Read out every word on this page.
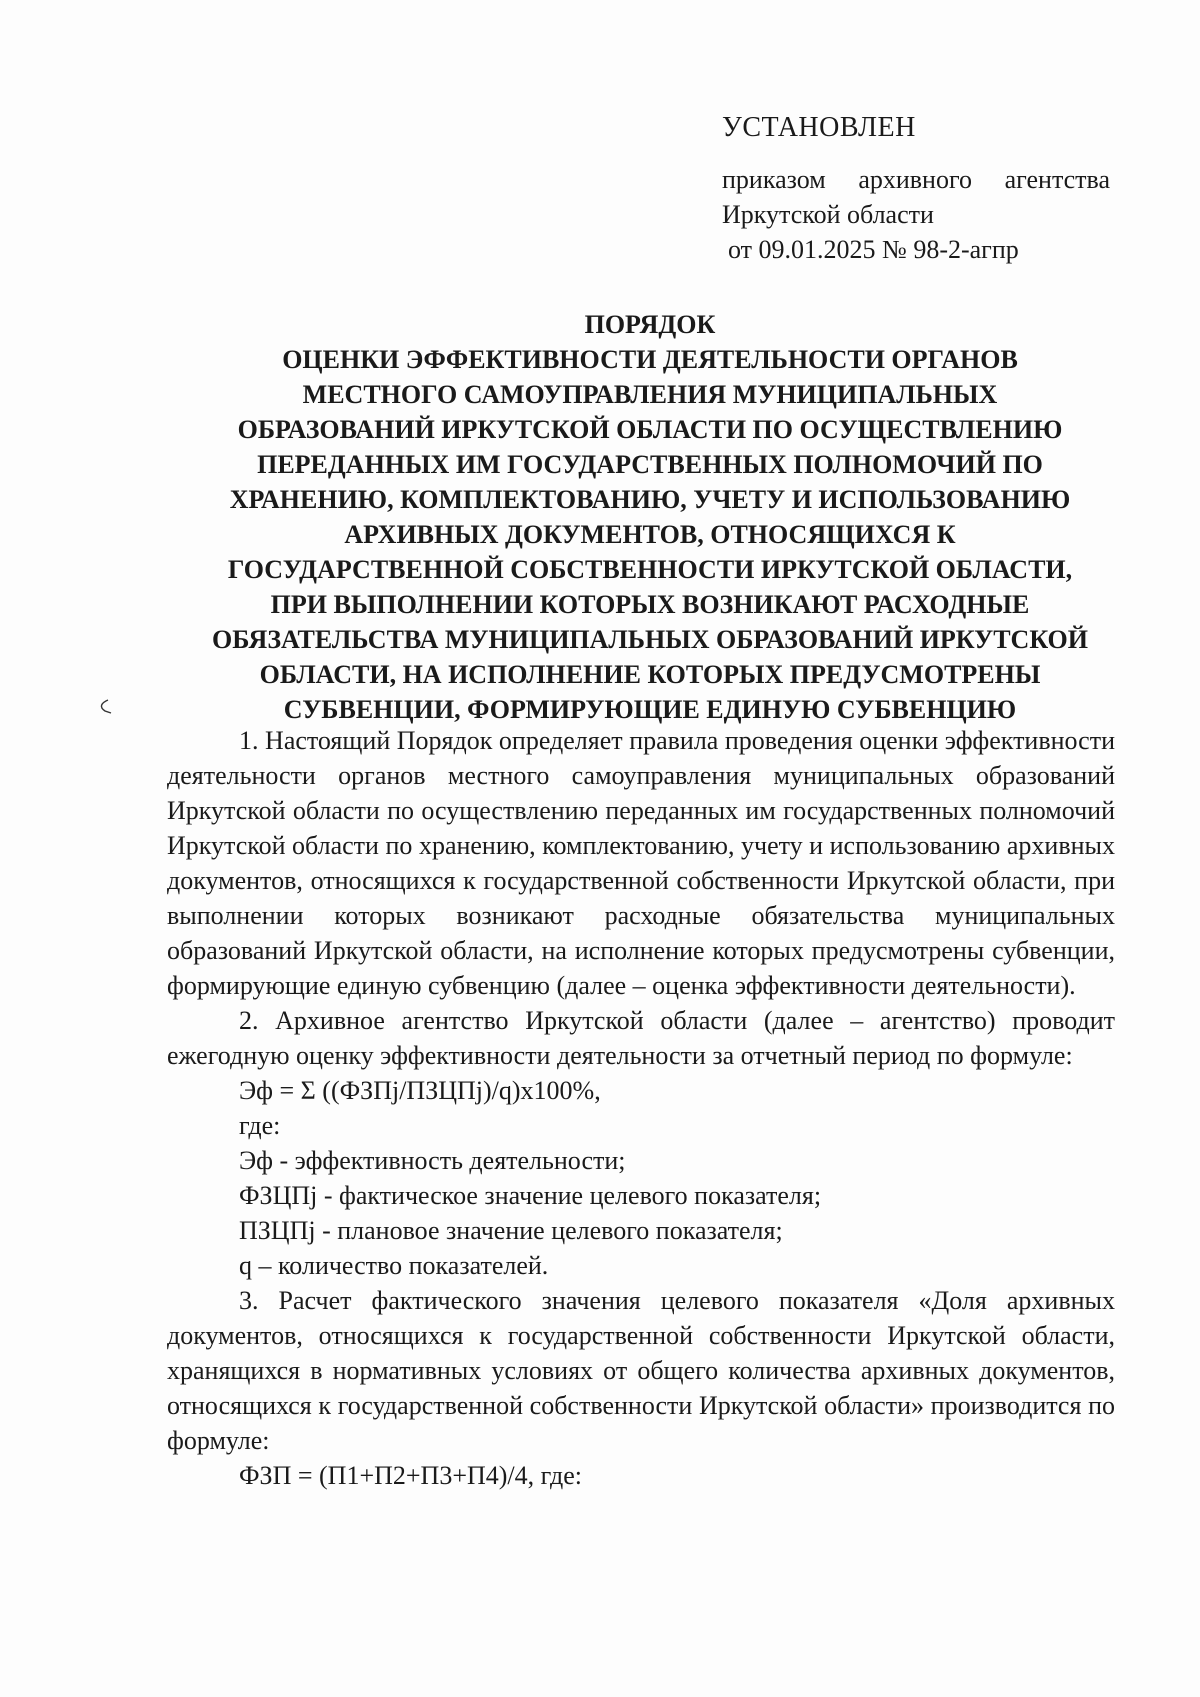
УСТАНОВЛЕН
приказом архивного агентства
Иркутской области
от 09.01.2025 № 98-2-агпр
ПОРЯДОК
ОЦЕНКИ ЭФФЕКТИВНОСТИ ДЕЯТЕЛЬНОСТИ ОРГАНОВ
МЕСТНОГО САМОУПРАВЛЕНИЯ МУНИЦИПАЛЬНЫХ
ОБРАЗОВАНИЙ ИРКУТСКОЙ ОБЛАСТИ ПО ОСУЩЕСТВЛЕНИЮ
ПЕРЕДАННЫХ ИМ ГОСУДАРСТВЕННЫХ ПОЛНОМОЧИЙ ПО
ХРАНЕНИЮ, КОМПЛЕКТОВАНИЮ, УЧЕТУ И ИСПОЛЬЗОВАНИЮ
АРХИВНЫХ ДОКУМЕНТОВ, ОТНОСЯЩИХСЯ К
ГОСУДАРСТВЕННОЙ СОБСТВЕННОСТИ ИРКУТСКОЙ ОБЛАСТИ,
ПРИ ВЫПОЛНЕНИИ КОТОРЫХ ВОЗНИКАЮТ РАСХОДНЫЕ
ОБЯЗАТЕЛЬСТВА МУНИЦИПАЛЬНЫХ ОБРАЗОВАНИЙ ИРКУТСКОЙ
ОБЛАСТИ, НА ИСПОЛНЕНИЕ КОТОРЫХ ПРЕДУСМОТРЕНЫ
СУБВЕНЦИИ, ФОРМИРУЮЩИЕ ЕДИНУЮ СУБВЕНЦИЮ

1. Настоящий Порядок определяет правила проведения оценки эффективности деятельности органов местного самоуправления муниципальных образований Иркутской области по осуществлению переданных им государственных полномочий Иркутской области по хранению, комплектованию, учету и использованию архивных документов, относящихся к государственной собственности Иркутской области, при выполнении которых возникают расходные обязательства муниципальных образований Иркутской области, на исполнение которых предусмотрены субвенции, формирующие единую субвенцию (далее – оценка эффективности деятельности).

2. Архивное агентство Иркутской области (далее – агентство) проводит ежегодную оценку эффективности деятельности за отчетный период по формуле:

Эф = Σ ((ФЗПj/ПЗЦПj)/q)x100%,

где:

Эф - эффективность деятельности;

ФЗЦПj - фактическое значение целевого показателя;

ПЗЦПj - плановое значение целевого показателя;

q – количество показателей.

3. Расчет фактического значения целевого показателя «Доля архивных документов, относящихся к государственной собственности Иркутской области, хранящихся в нормативных условиях от общего количества архивных документов, относящихся к государственной собственности Иркутской области» производится по формуле:

ФЗП = (П1+П2+П3+П4)/4, где:
